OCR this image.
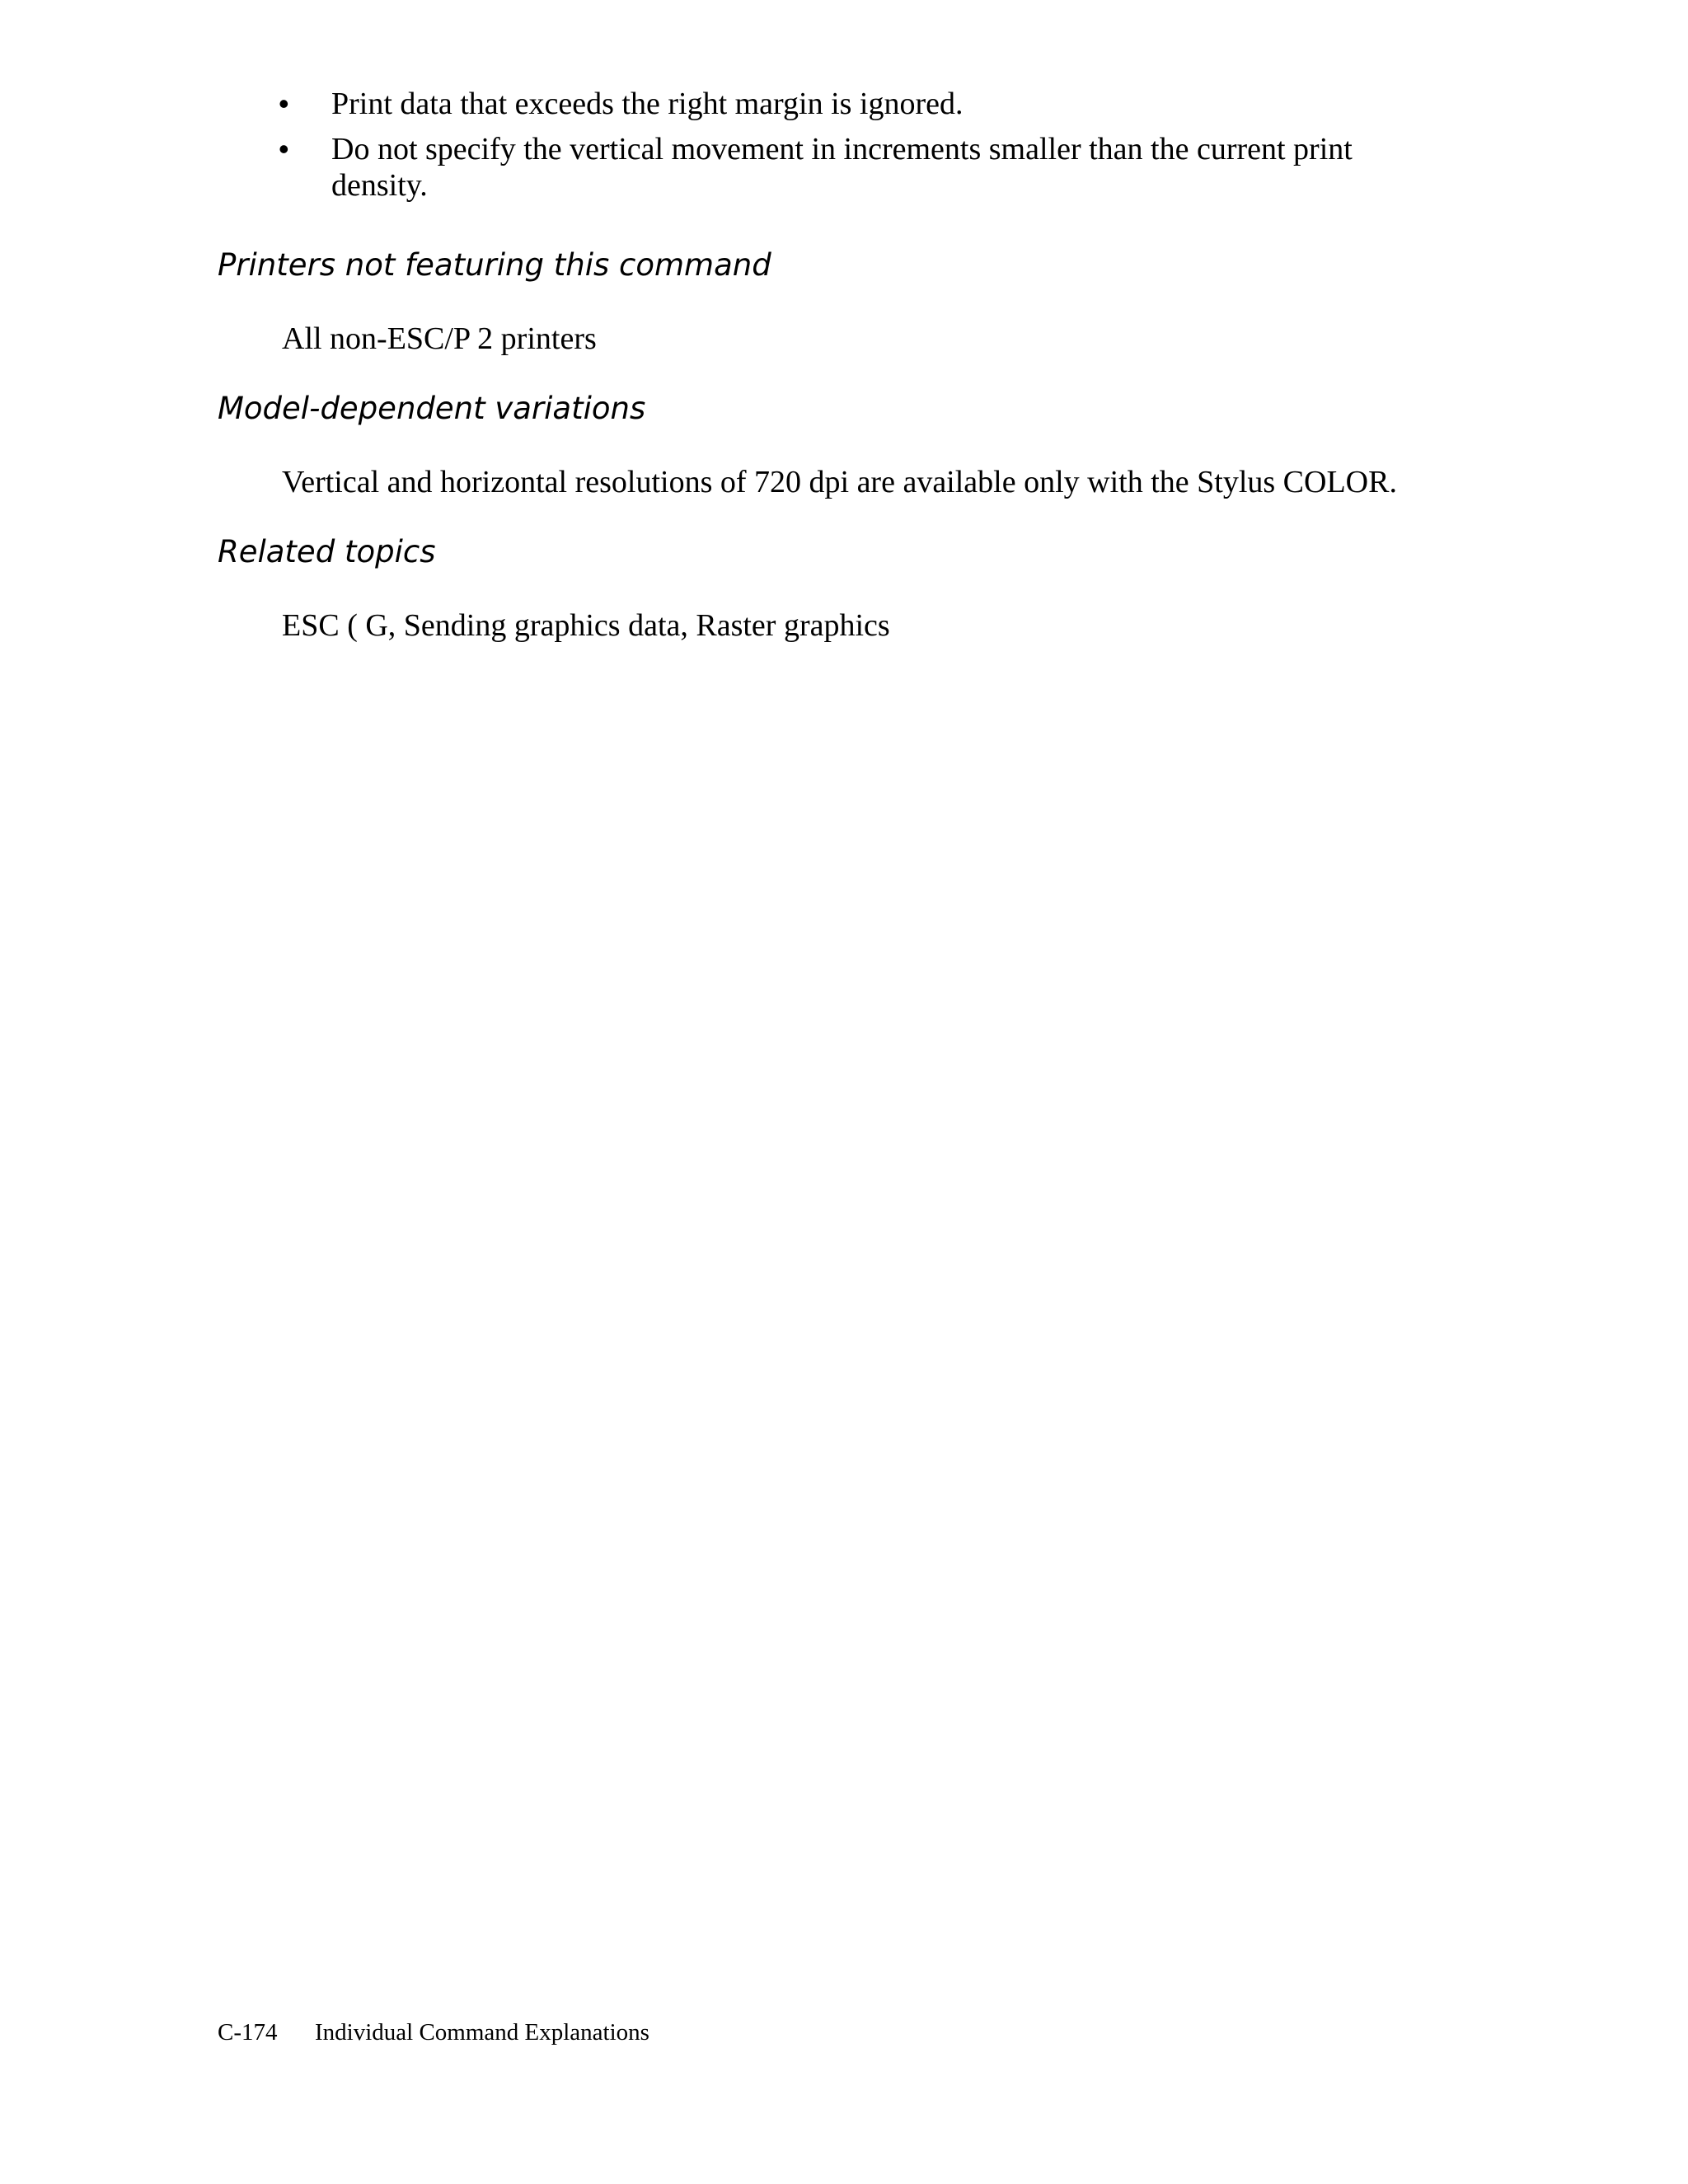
• Print data that exceeds the right margin is ignored.
• Do not specify the vertical movement in increments smaller than the current print density.
Printers not featuring this command

All non-ESC/P 2 printers

Model-dependent variations

Vertical and horizontal resolutions of 720 dpi are available only with the Stylus COLOR.

Related topics

ESC ( G, Sending graphics data, Raster graphics

C-174 Individual Command Explanations
